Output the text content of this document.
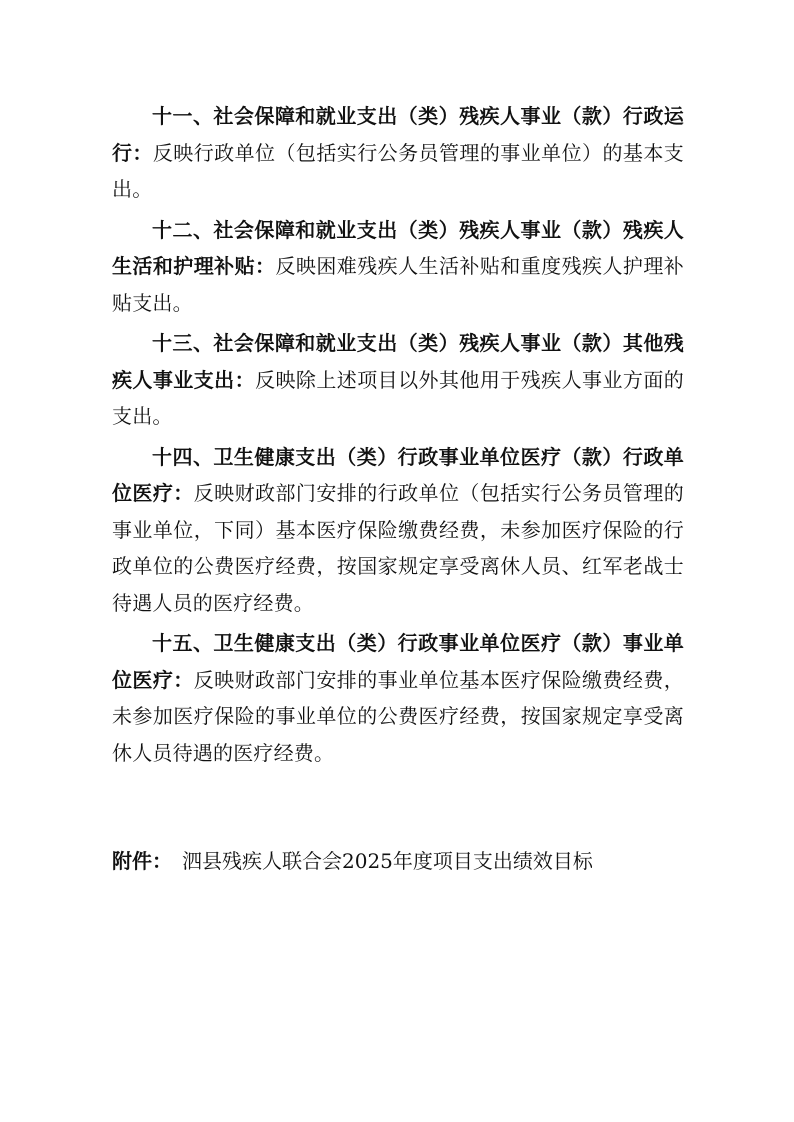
十一、社会保障和就业支出（类）残疾人事业（款）行政运行：反映行政单位（包括实行公务员管理的事业单位）的基本支出。

十二、社会保障和就业支出（类）残疾人事业（款）残疾人生活和护理补贴：反映困难残疾人生活补贴和重度残疾人护理补贴支出。

十三、社会保障和就业支出（类）残疾人事业（款）其他残疾人事业支出：反映除上述项目以外其他用于残疾人事业方面的支出。

十四、卫生健康支出（类）行政事业单位医疗（款）行政单位医疗：反映财政部门安排的行政单位（包括实行公务员管理的事业单位，下同）基本医疗保险缴费经费，未参加医疗保险的行政单位的公费医疗经费，按国家规定享受离休人员、红军老战士待遇人员的医疗经费。

十五、卫生健康支出（类）行政事业单位医疗（款）事业单位医疗：反映财政部门安排的事业单位基本医疗保险缴费经费，未参加医疗保险的事业单位的公费医疗经费，按国家规定享受离休人员待遇的医疗经费。

附件： 泗县残疾人联合会2025年度项目支出绩效目标
